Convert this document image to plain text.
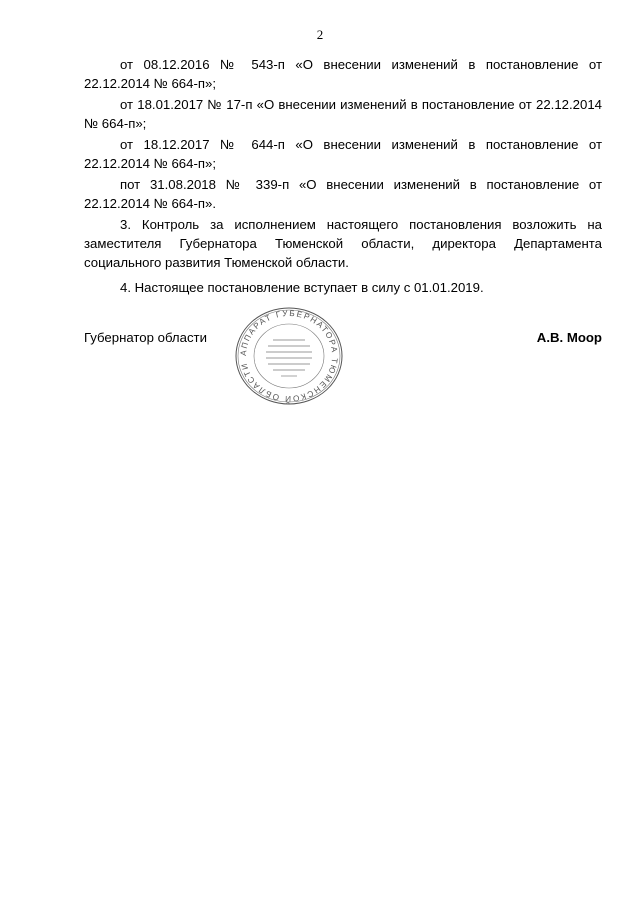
2

от 08.12.2016 № 543-п «О внесении изменений в постановление от 22.12.2014 № 664-п»;

от 18.01.2017 № 17-п «О внесении изменений в постановление от 22.12.2014 № 664-п»;

от 18.12.2017 № 644-п «О внесении изменений в постановление от 22.12.2014 № 664-п»;

пот 31.08.2018 № 339-п «О внесении изменений в постановление от 22.12.2014 № 664-п».

3. Контроль за исполнением настоящего постановления возложить на заместителя Губернатора Тюменской области, директора Департамента социального развития Тюменской области.

4. Настоящее постановление вступает в силу с 01.01.2019.

Губернатор области	А.В. Моор
АППАРАТ ГУБЕРНАТОРА ТЮМЕНСКОЙ ОБЛАСТИ
